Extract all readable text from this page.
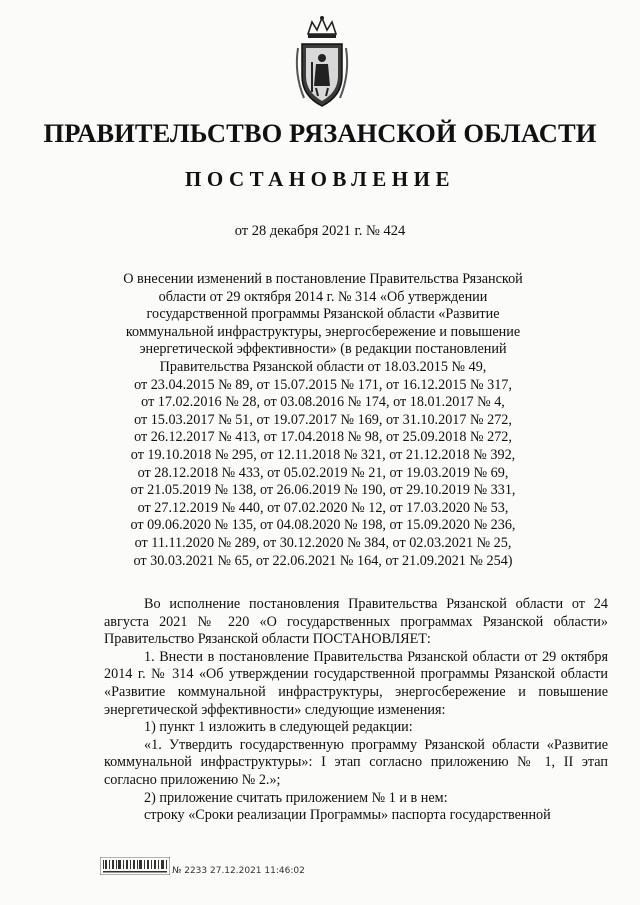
ПРАВИТЕЛЬСТВО РЯЗАНСКОЙ ОБЛАСТИ
ПОСТАНОВЛЕНИЕ
от 28 декабря 2021 г. № 424
О внесении изменений в постановление Правительства Рязанской
области от 29 октября 2014 г. № 314 «Об утверждении
государственной программы Рязанской области «Развитие
коммунальной инфраструктуры, энергосбережение и повышение
энергетической эффективности» (в редакции постановлений
Правительства Рязанской области от 18.03.2015 № 49,
от 23.04.2015 № 89, от 15.07.2015 № 171, от 16.12.2015 № 317,
от 17.02.2016 № 28, от 03.08.2016 № 174, от 18.01.2017 № 4,
от 15.03.2017 № 51, от 19.07.2017 № 169, от 31.10.2017 № 272,
от 26.12.2017 № 413, от 17.04.2018 № 98, от 25.09.2018 № 272,
от 19.10.2018 № 295, от 12.11.2018 № 321, от 21.12.2018 № 392,
от 28.12.2018 № 433, от 05.02.2019 № 21, от 19.03.2019 № 69,
от 21.05.2019 № 138, от 26.06.2019 № 190, от 29.10.2019 № 331,
от 27.12.2019 № 440, от 07.02.2020 № 12, от 17.03.2020 № 53,
от 09.06.2020 № 135, от 04.08.2020 № 198, от 15.09.2020 № 236,
от 11.11.2020 № 289, от 30.12.2020 № 384, от 02.03.2021 № 25,
от 30.03.2021 № 65, от 22.06.2021 № 164, от 21.09.2021 № 254)

Во исполнение постановления Правительства Рязанской области от 24 августа 2021 № 220 «О государственных программах Рязанской области» Правительство Рязанской области ПОСТАНОВЛЯЕТ:

1. Внести в постановление Правительства Рязанской области от 29 октября 2014 г. № 314 «Об утверждении государственной программы Рязанской области «Развитие коммунальной инфраструктуры, энергосбережение и повышение энергетической эффективности» следующие изменения:

1) пункт 1 изложить в следующей редакции:

«1. Утвердить государственную программу Рязанской области «Развитие коммунальной инфраструктуры»: I этап согласно приложению № 1, II этап согласно приложению № 2.»;

2) приложение считать приложением № 1 и в нем:

строку «Сроки реализации Программы» паспорта государственной

№ 2233 27.12.2021 11:46:02
